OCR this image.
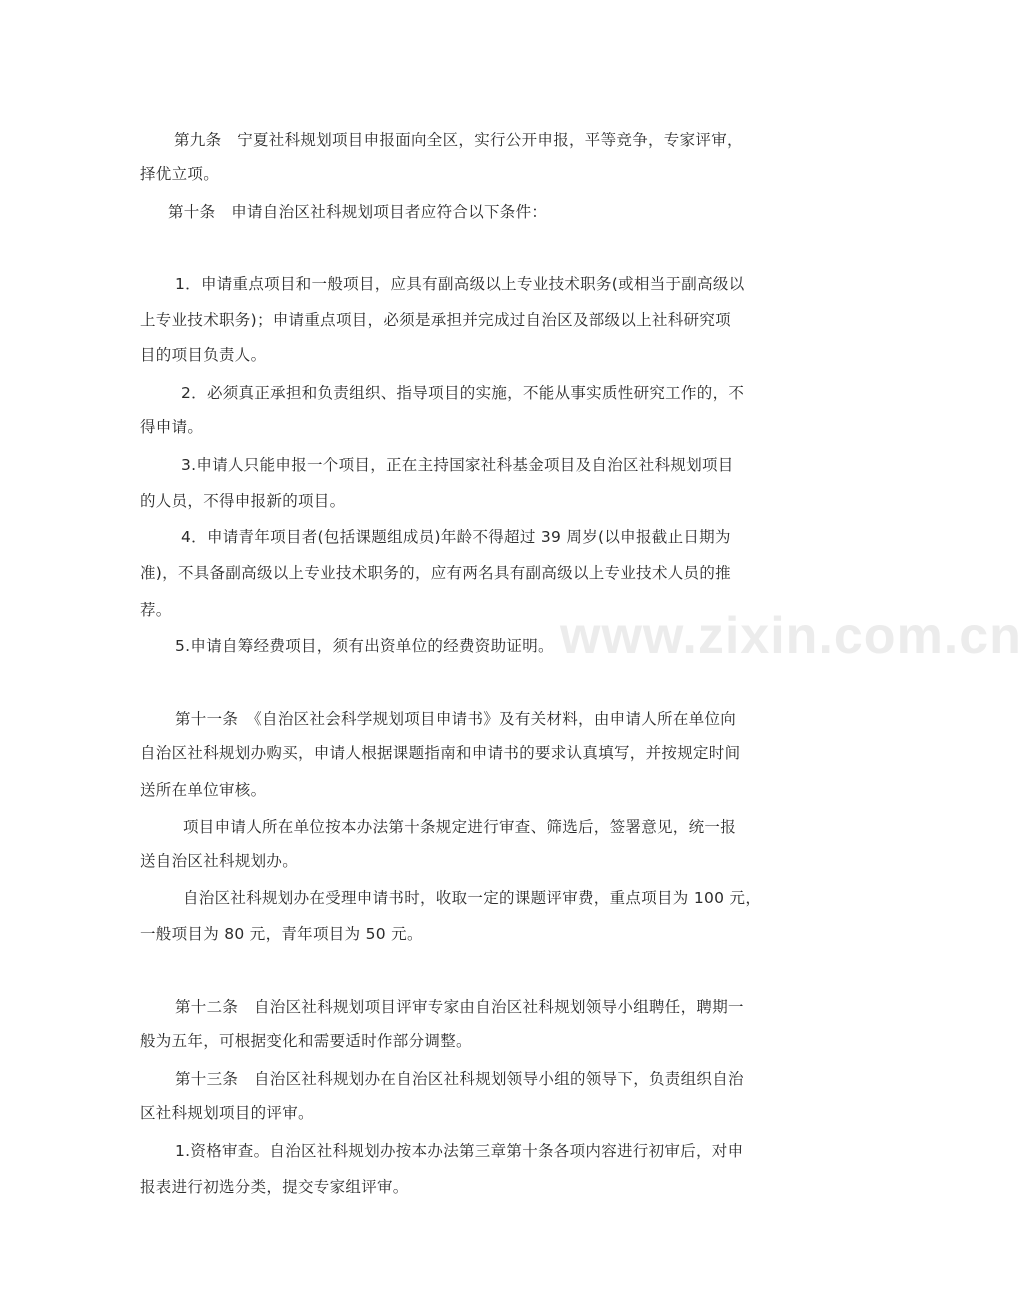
www.zixin.com.cn
第九条　宁夏社科规划项目申报面向全区，实行公开申报，平等竞争，专家评审，
择优立项。
第十条　申请自治区社科规划项目者应符合以下条件：
1．申请重点项目和一般项目，应具有副高级以上专业技术职务(或相当于副高级以
上专业技术职务)；申请重点项目，必须是承担并完成过自治区及部级以上社科研究项
目的项目负责人。
2．必须真正承担和负责组织、指导项目的实施，不能从事实质性研究工作的，不
得申请。
3.申请人只能申报一个项目，正在主持国家社科基金项目及自治区社科规划项目
的人员，不得申报新的项目。
4．申请青年项目者(包括课题组成员)年龄不得超过 39 周岁(以申报截止日期为
准)，不具备副高级以上专业技术职务的，应有两名具有副高级以上专业技术人员的推
荐。
5.申请自筹经费项目，须有出资单位的经费资助证明。
第十一条　《自治区社会科学规划项目申请书》及有关材料，由申请人所在单位向
自治区社科规划办购买，申请人根据课题指南和申请书的要求认真填写，并按规定时间
送所在单位审核。
项目申请人所在单位按本办法第十条规定进行审查、筛选后，签署意见，统一报
送自治区社科规划办。
自治区社科规划办在受理申请书时，收取一定的课题评审费，重点项目为 100 元，
一般项目为 80 元，青年项目为 50 元。
第十二条　自治区社科规划项目评审专家由自治区社科规划领导小组聘任，聘期一
般为五年，可根据变化和需要适时作部分调整。
第十三条　自治区社科规划办在自治区社科规划领导小组的领导下，负责组织自治
区社科规划项目的评审。
1.资格审查。自治区社科规划办按本办法第三章第十条各项内容进行初审后，对申
报表进行初选分类，提交专家组评审。
